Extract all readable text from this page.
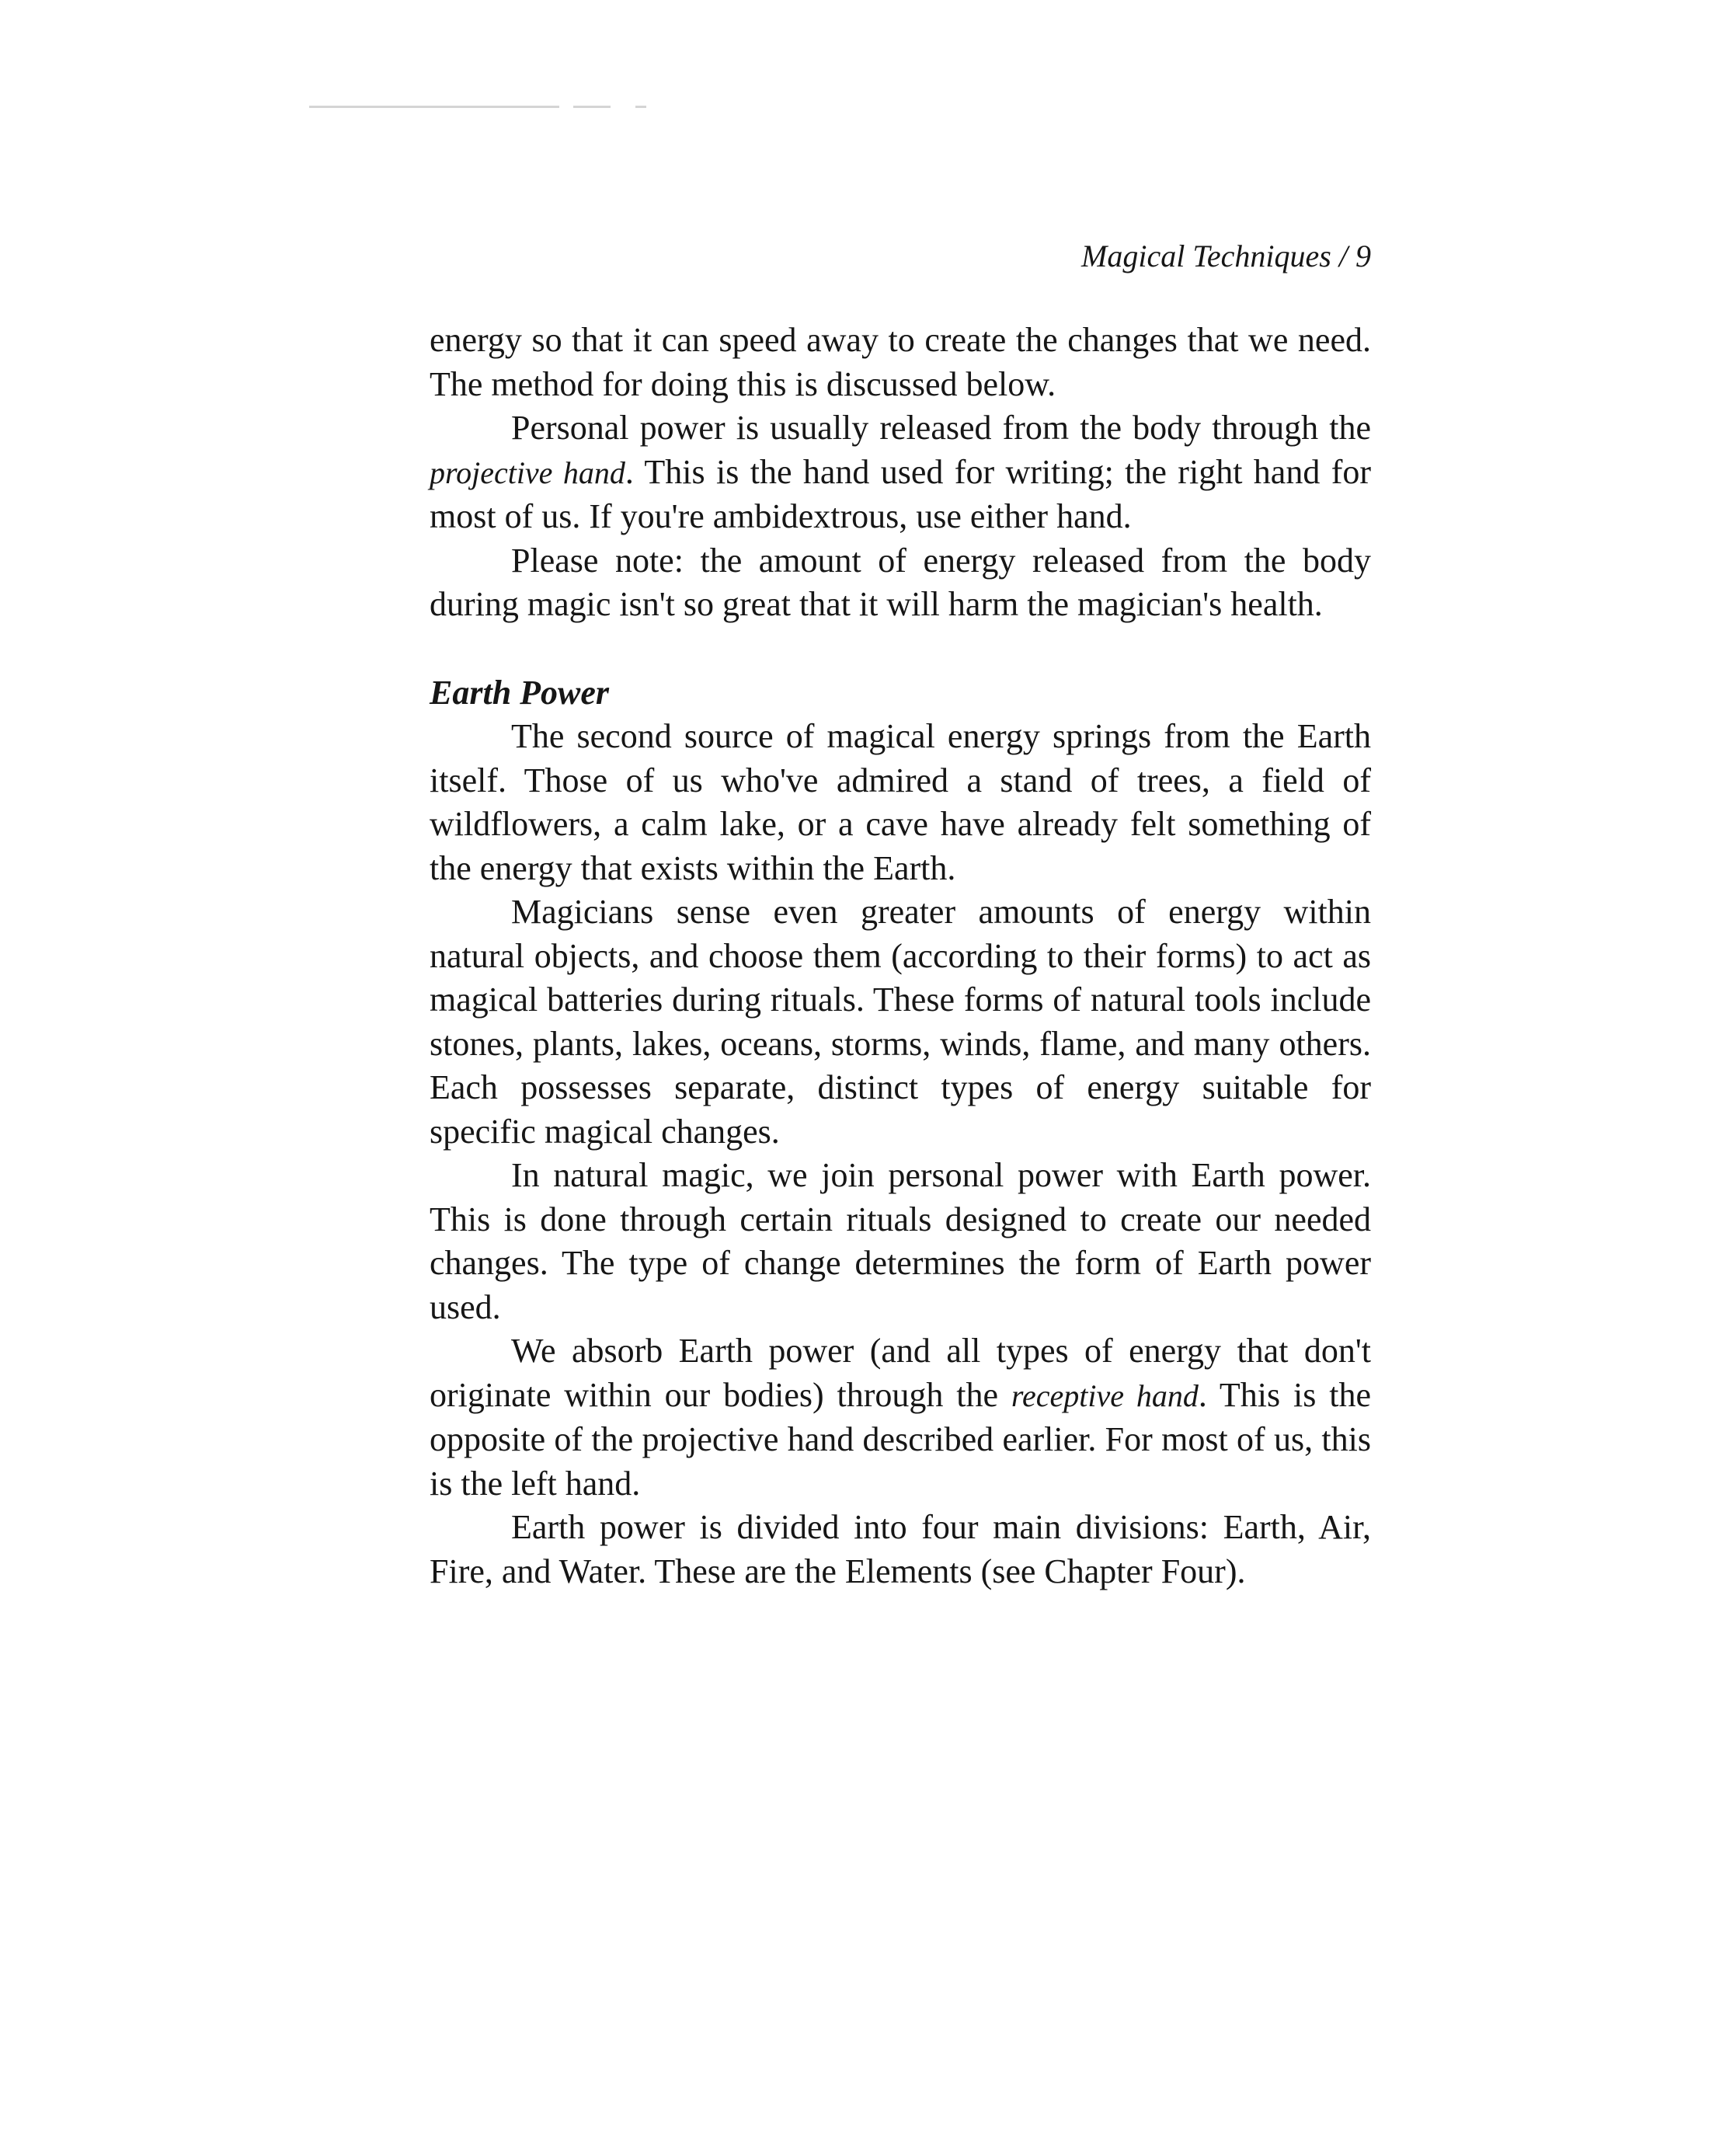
Magical Techniques / 9

energy so that it can speed away to create the changes that we need. The method for doing this is discussed below.

Personal power is usually released from the body through the projective hand. This is the hand used for writing; the right hand for most of us. If you're ambidextrous, use either hand.

Please note: the amount of energy released from the body during magic isn't so great that it will harm the magician's health.

Earth Power

The second source of magical energy springs from the Earth itself. Those of us who've admired a stand of trees, a field of wildflowers, a calm lake, or a cave have already felt something of the energy that exists within the Earth.

Magicians sense even greater amounts of energy within natural objects, and choose them (according to their forms) to act as magical batteries during rituals. These forms of natural tools include stones, plants, lakes, oceans, storms, winds, flame, and many others. Each possesses separate, distinct types of energy suitable for specific magical changes.

In natural magic, we join personal power with Earth power. This is done through certain rituals designed to create our needed changes. The type of change determines the form of Earth power used.

We absorb Earth power (and all types of energy that don't originate within our bodies) through the receptive hand. This is the opposite of the projective hand described earlier. For most of us, this is the left hand.

Earth power is divided into four main divisions: Earth, Air, Fire, and Water. These are the Elements (see Chapter Four).
